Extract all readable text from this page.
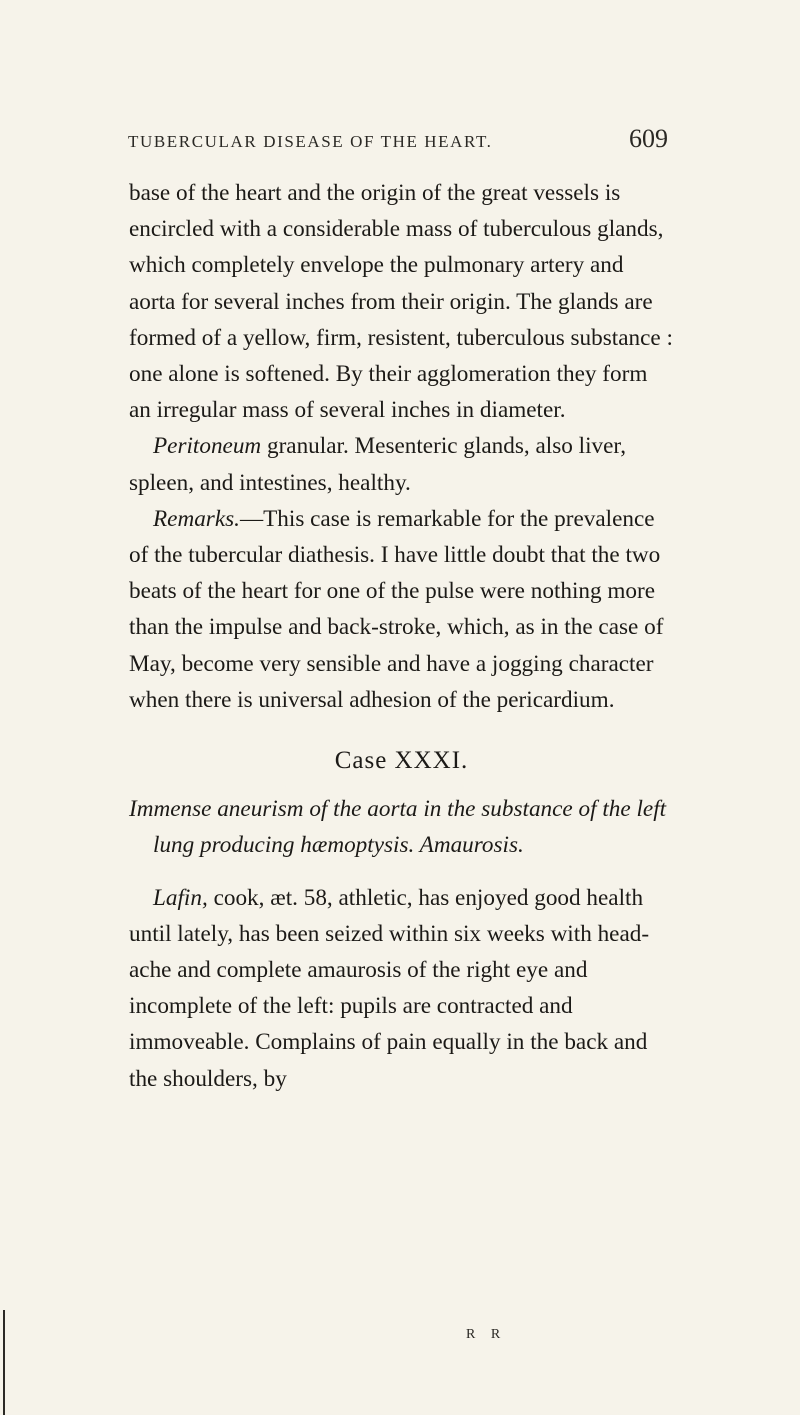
TUBERCULAR DISEASE OF THE HEART.	609

base of the heart and the origin of the great vessels is encircled with a considerable mass of tuberculous glands, which completely envelope the pulmonary artery and aorta for several inches from their origin. The glands are formed of a yellow, firm, resistent, tuberculous substance : one alone is softened. By their agglomeration they form an irregular mass of several inches in diameter.

Peritoneum granular. Mesenteric glands, also liver, spleen, and intestines, healthy.

Remarks.—This case is remarkable for the prevalence of the tubercular diathesis. I have little doubt that the two beats of the heart for one of the pulse were nothing more than the impulse and back-stroke, which, as in the case of May, become very sensible and have a jogging character when there is universal adhesion of the pericardium.

Case XXXI.

Immense aneurism of the aorta in the substance of the left lung producing hæmoptysis. Amaurosis.

Lafin, cook, æt. 58, athletic, has enjoyed good health until lately, has been seized within six weeks with head-ache and complete amaurosis of the right eye and incomplete of the left: pupils are contracted and immoveable. Complains of pain equally in the back and the shoulders, by

R R
